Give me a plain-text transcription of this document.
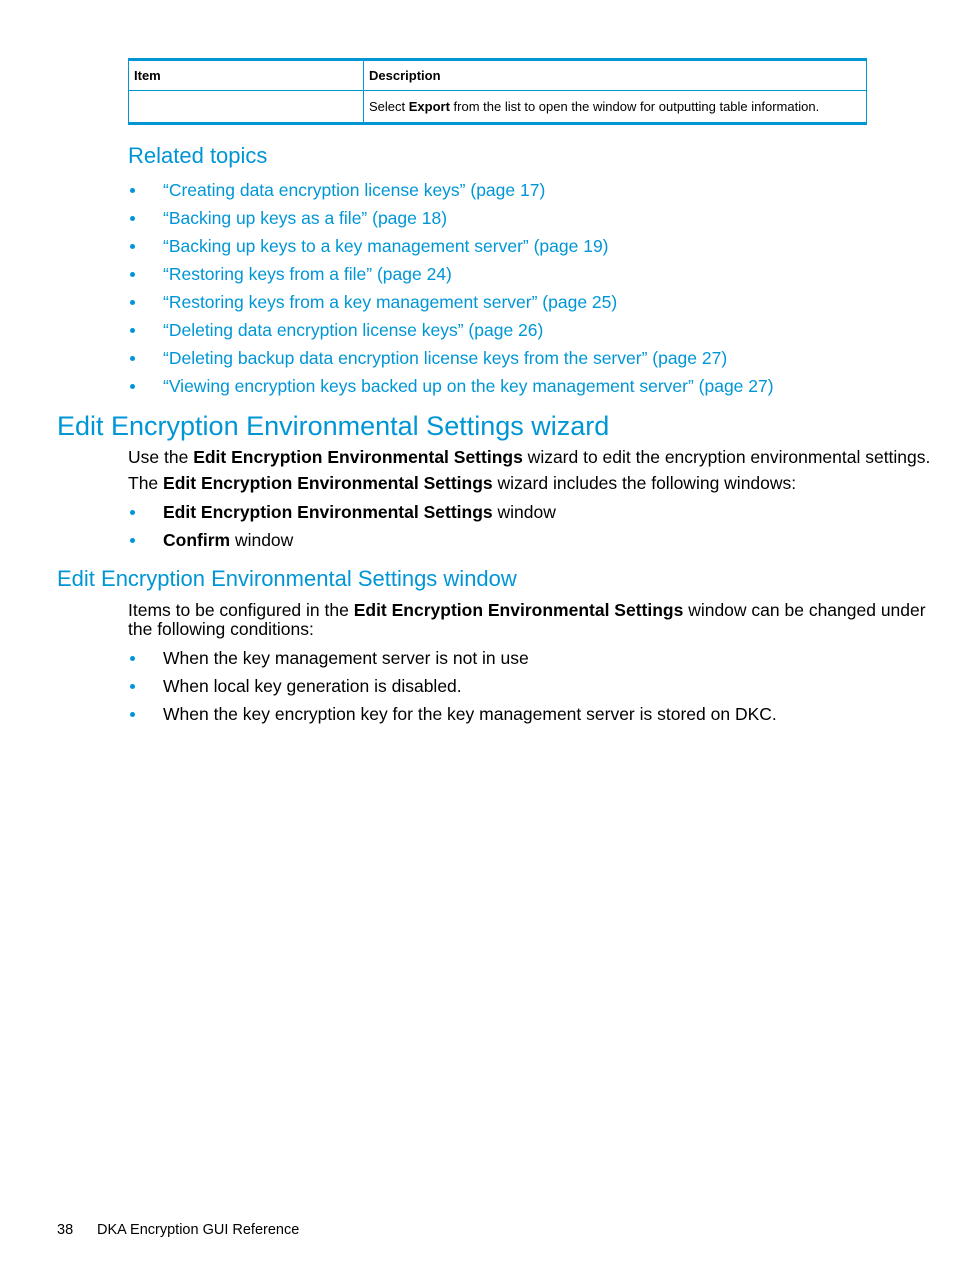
Item	Description
	Select Export from the list to open the window for outputting table information.
Related topics
“Creating data encryption license keys” (page 17)
“Backing up keys as a file” (page 18)
“Backing up keys to a key management server” (page 19)
“Restoring keys from a file” (page 24)
“Restoring keys from a key management server” (page 25)
“Deleting data encryption license keys” (page 26)
“Deleting backup data encryption license keys from the server” (page 27)
“Viewing encryption keys backed up on the key management server” (page 27)
Edit Encryption Environmental Settings wizard

Use the Edit Encryption Environmental Settings wizard to edit the encryption environmental settings.

The Edit Encryption Environmental Settings wizard includes the following windows:

Edit Encryption Environmental Settings window
Confirm window
Edit Encryption Environmental Settings window

Items to be configured in the Edit Encryption Environmental Settings window can be changed under

the following conditions:

When the key management server is not in use
When local key generation is disabled.
When the key encryption key for the key management server is stored on DKC.
38 DKA Encryption GUI Reference
